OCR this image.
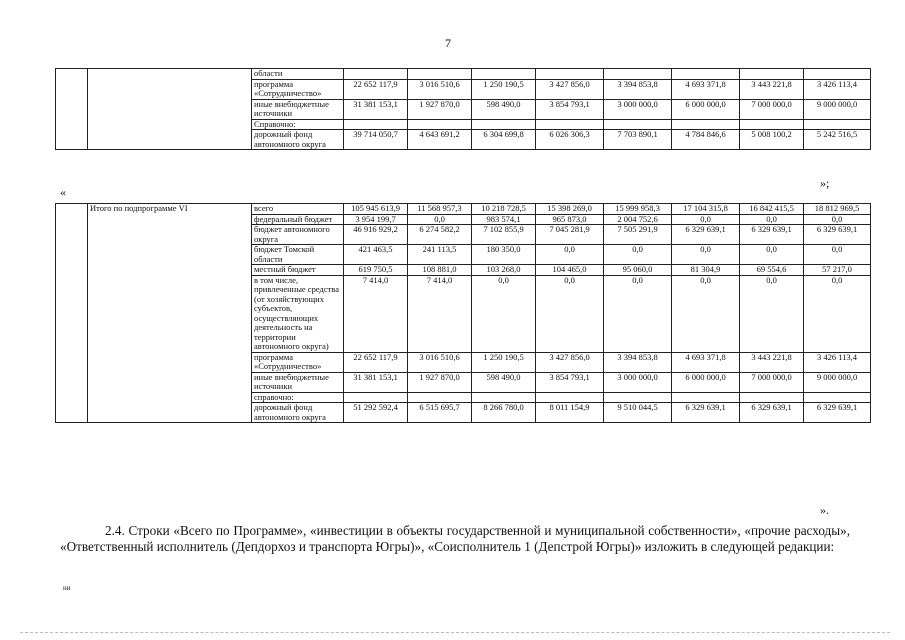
7
		области								
		программа «Сотрудничество»	22 652 117,9	3 016 510,6	1 250 190,5	3 427 856,0	3 394 853,8	4 693 371,8	3 443 221,8	3 426 113,4
		иные внебюджетные источники	31 381 153,1	1 927 870,0	598 490,0	3 854 793,1	3 000 000,0	6 000 000,0	7 000 000,0	9 000 000,0
		Справочно:								
		дорожный фонд автономного округа	39 714 050,7	4 643 691,2	6 304 699,8	6 026 306,3	7 703 890,1	4 784 846,6	5 008 100,2	5 242 516,5
»;
«
	Итого по подпрограмме VI	всего	105 945 613,9	11 568 957,3	10 218 728,5	15 398 269,0	15 999 958,3	17 104 315,8	16 842 415,5	18 812 969,5
		федеральный бюджет	3 954 199,7	0,0	983 574,1	965 873,0	2 004 752,6	0,0	0,0	0,0
		бюджет автономного округа	46 916 929,2	6 274 582,2	7 102 855,9	7 045 281,9	7 505 291,9	6 329 639,1	6 329 639,1	6 329 639,1
		бюджет Томской области	421 463,5	241 113,5	180 350,0	0,0	0,0	0,0	0,0	0,0
		местный бюджет	619 750,5	108 881,0	103 268,0	104 465,0	95 060,0	81 304,9	69 554,6	57 217,0
		в том числе, привлеченные средства (от хозяйствующих субъектов, осуществляющих деятельность на территории автономного округа)	7 414,0	7 414,0	0,0	0,0	0,0	0,0	0,0	0,0
		программа «Сотрудничество»	22 652 117,9	3 016 510,6	1 250 190,5	3 427 856,0	3 394 853,8	4 693 371,8	3 443 221,8	3 426 113,4
		иные внебюджетные источники	31 381 153,1	1 927 870,0	598 490,0	3 854 793,1	3 000 000,0	6 000 000,0	7 000 000,0	9 000 000,0
		справочно:								
		дорожный фонд автономного округа	51 292 592,4	6 515 695,7	8 266 780,0	8 011 154,9	9 510 044,5	6 329 639,1	6 329 639,1	6 329 639,1
».
2.4. Строки «Всего по Программе», «инвестиции в объекты государственной и муниципальной собственности», «прочие расходы», «Ответственный исполнитель (Депдорхоз и транспорта Югры)», «Соисполнитель 1 (Депстрой Югры)» изложить в следующей редакции:
ни
